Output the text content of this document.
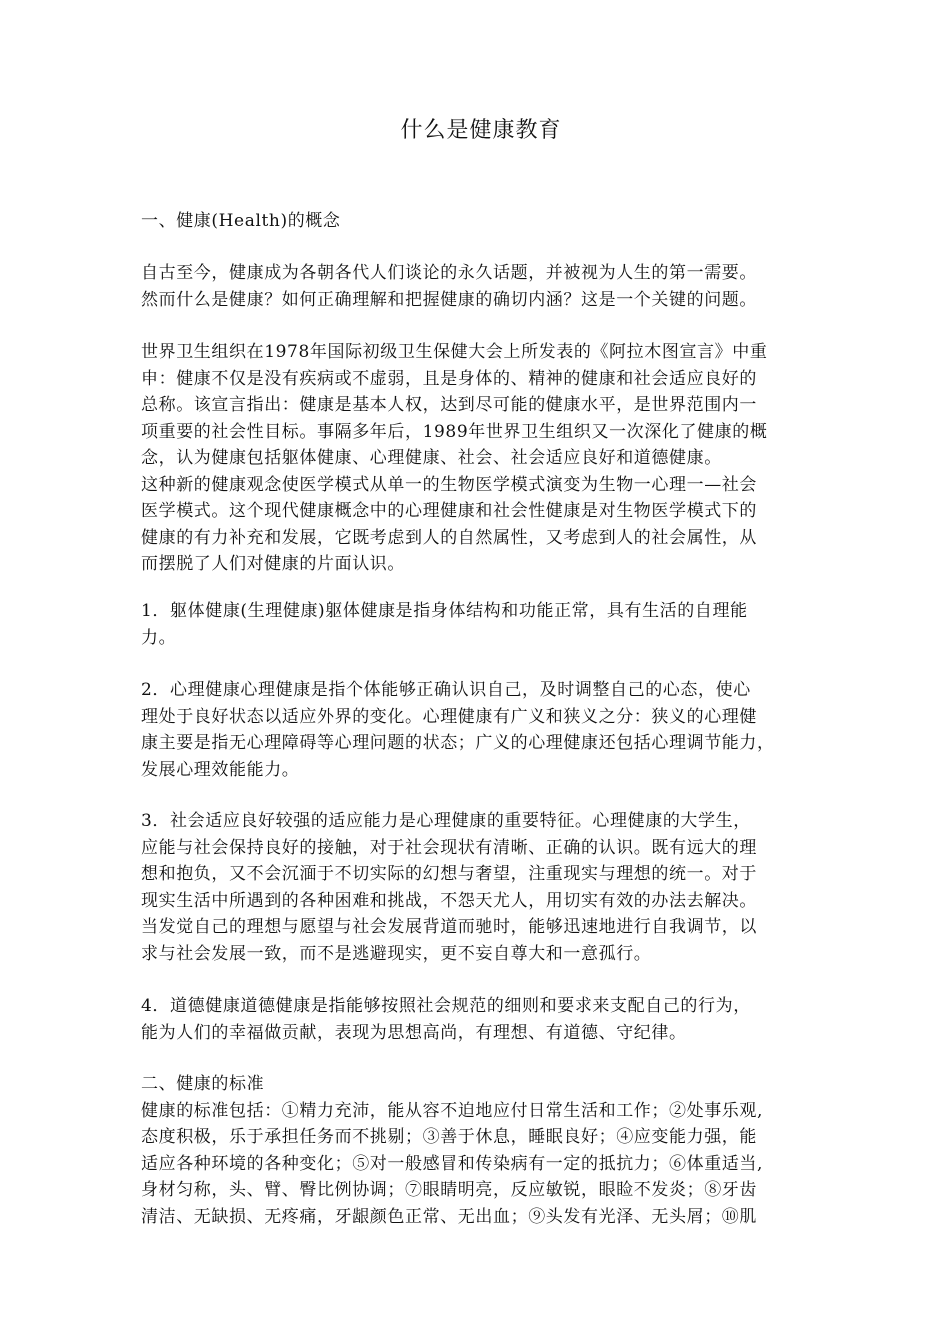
什么是健康教育
一、健康(Health)的概念
自古至今，健康成为各朝各代人们谈论的永久话题，并被视为人生的第一需要。
然而什么是健康？如何正确理解和把握健康的确切内涵？这是一个关键的问题。
世界卫生组织在1978年国际初级卫生保健大会上所发表的《阿拉木图宣言》中重
申：健康不仅是没有疾病或不虚弱，且是身体的、精神的健康和社会适应良好的
总称。该宣言指出：健康是基本人权，达到尽可能的健康水平，是世界范围内一
项重要的社会性目标。事隔多年后，1989年世界卫生组织又一次深化了健康的概
念，认为健康包括躯体健康、心理健康、社会、社会适应良好和道德健康。
这种新的健康观念使医学模式从单一的生物医学模式演变为生物一心理一—社会
医学模式。这个现代健康概念中的心理健康和社会性健康是对生物医学模式下的
健康的有力补充和发展，它既考虑到人的自然属性，又考虑到人的社会属性，从
而摆脱了人们对健康的片面认识。
1．躯体健康(生理健康)躯体健康是指身体结构和功能正常，具有生活的自理能
力。
2．心理健康心理健康是指个体能够正确认识自己，及时调整自己的心态，使心
理处于良好状态以适应外界的变化。心理健康有广义和狭义之分：狭义的心理健
康主要是指无心理障碍等心理问题的状态；广义的心理健康还包括心理调节能力，
发展心理效能能力。
3．社会适应良好较强的适应能力是心理健康的重要特征。心理健康的大学生，
应能与社会保持良好的接触，对于社会现状有清晰、正确的认识。既有远大的理
想和抱负，又不会沉湎于不切实际的幻想与奢望，注重现实与理想的统一。对于
现实生活中所遇到的各种困难和挑战，不怨天尤人，用切实有效的办法去解决。
当发觉自己的理想与愿望与社会发展背道而驰时，能够迅速地进行自我调节，以
求与社会发展一致，而不是逃避现实，更不妄自尊大和一意孤行。
4．道德健康道德健康是指能够按照社会规范的细则和要求来支配自己的行为，
能为人们的幸福做贡献，表现为思想高尚，有理想、有道德、守纪律。
二、健康的标准
健康的标准包括：①精力充沛，能从容不迫地应付日常生活和工作；②处事乐观,
态度积极，乐于承担任务而不挑剔；③善于休息，睡眠良好；④应变能力强，能
适应各种环境的各种变化；⑤对一般感冒和传染病有一定的抵抗力；⑥体重适当,
身材匀称，头、臂、臀比例协调；⑦眼睛明亮，反应敏锐，眼睑不发炎；⑧牙齿
清洁、无缺损、无疼痛，牙龈颜色正常、无出血；⑨头发有光泽、无头屑；⑩肌
